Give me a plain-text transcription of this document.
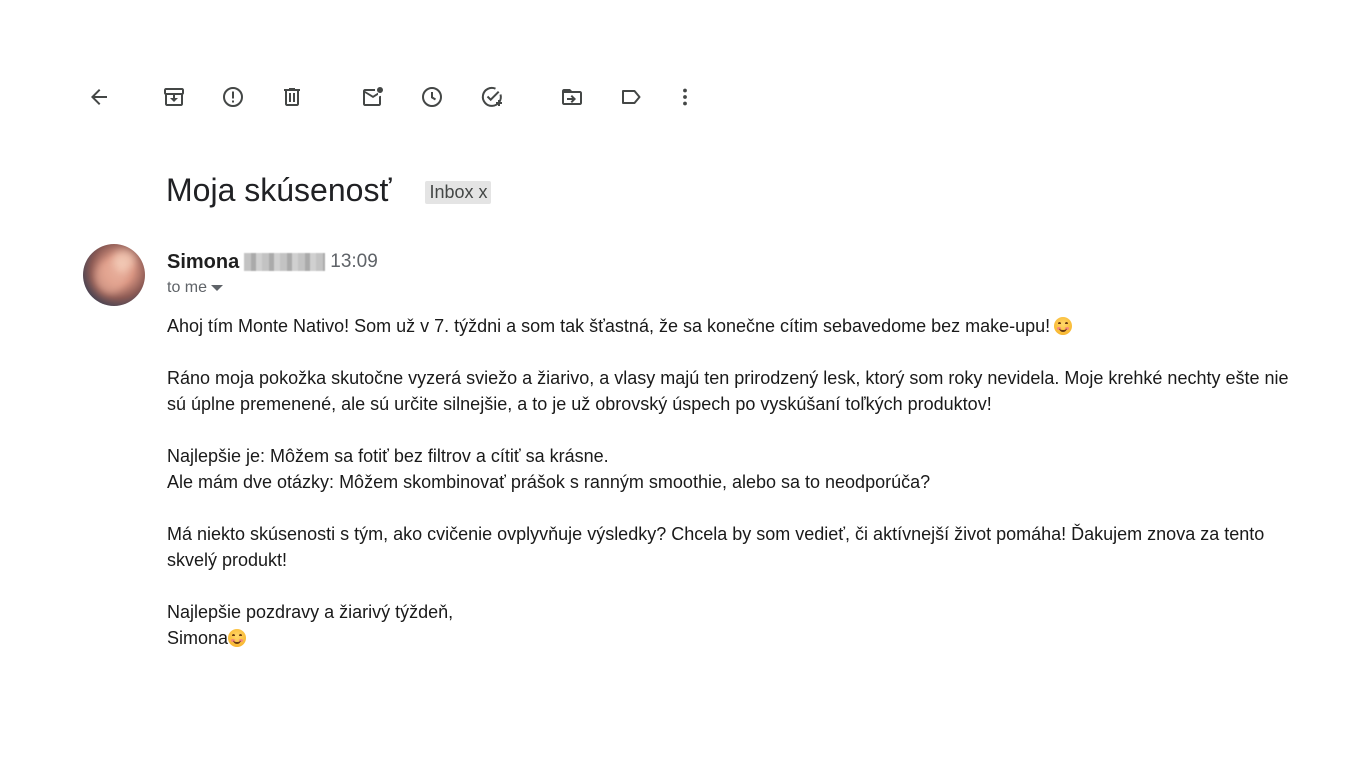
Moja skúsenosť Inbox x
Simona	13:09
to me

Ahoj tím Monte Nativo! Som už v 7. týždni a som tak šťastná, že sa konečne cítim sebavedome bez make-upu!

Ráno moja pokožka skutočne vyzerá sviežo a žiarivo, a vlasy majú ten prirodzený lesk, ktorý som roky nevidela. Moje krehké nechty ešte nie sú úplne premenené, ale sú určite silnejšie, a to je už obrovský úspech po vyskúšaní toľkých produktov!

Najlepšie je: Môžem sa fotiť bez filtrov a cítiť sa krásne.
Ale mám dve otázky: Môžem skombinovať prášok s ranným smoothie, alebo sa to neodporúča?

Má niekto skúsenosti s tým, ako cvičenie ovplyvňuje výsledky? Chcela by som vedieť, či aktívnejší život pomáha! Ďakujem znova za tento skvelý produkt!

Najlepšie pozdravy a žiarivý týždeň,
Simona
